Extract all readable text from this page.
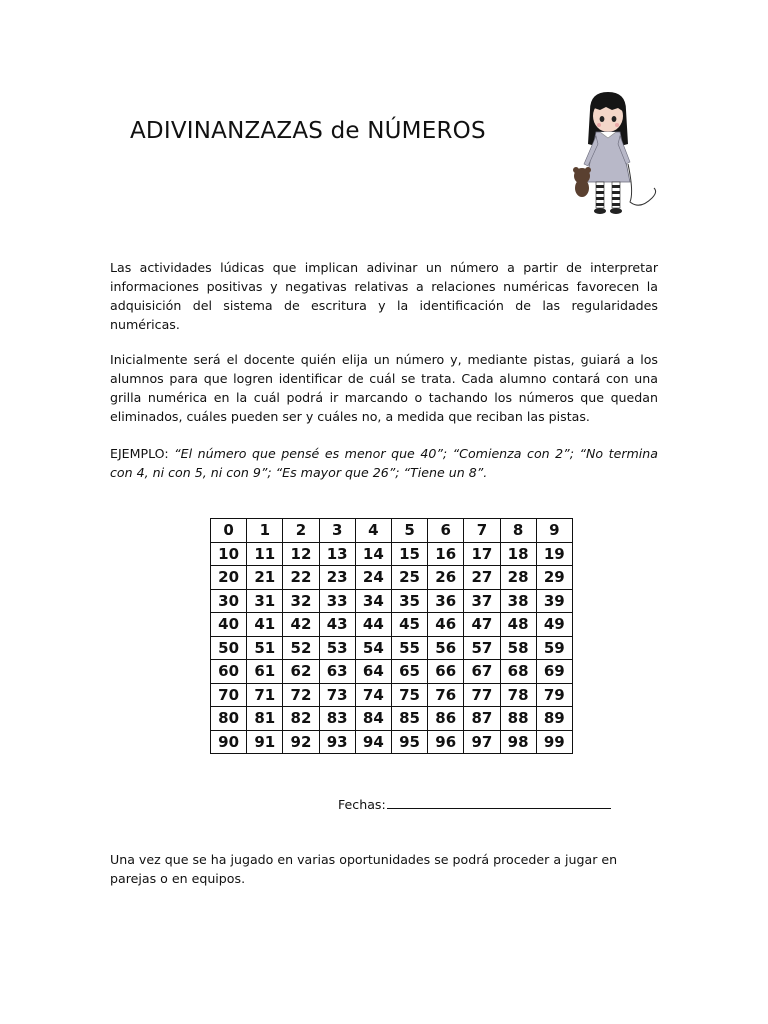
ADIVINANZAZAS de NÚMEROS
Las actividades lúdicas que implican adivinar un número a partir de interpretar informaciones positivas y negativas relativas a relaciones numéricas favorecen la adquisición del sistema de escritura y la identificación de las regularidades numéricas.
Inicialmente será el docente quién elija un número y, mediante pistas, guiará a los alumnos para que logren identificar de cuál se trata. Cada alumno contará con una grilla numérica en la cuál podrá ir marcando o tachando los números que quedan eliminados, cuáles pueden ser y cuáles no, a medida que reciban las pistas.
EJEMPLO: “El número que pensé es menor que 40”; “Comienza con 2”; “No termina con 4, ni con 5, ni con 9”; “Es mayor que 26”; “Tiene un 8”.
0	1	2	3	4	5	6	7	8	9
10	11	12	13	14	15	16	17	18	19
20	21	22	23	24	25	26	27	28	29
30	31	32	33	34	35	36	37	38	39
40	41	42	43	44	45	46	47	48	49
50	51	52	53	54	55	56	57	58	59
60	61	62	63	64	65	66	67	68	69
70	71	72	73	74	75	76	77	78	79
80	81	82	83	84	85	86	87	88	89
90	91	92	93	94	95	96	97	98	99
Fechas:
Una vez que se ha jugado en varias oportunidades se podrá proceder a jugar en parejas o en equipos.
